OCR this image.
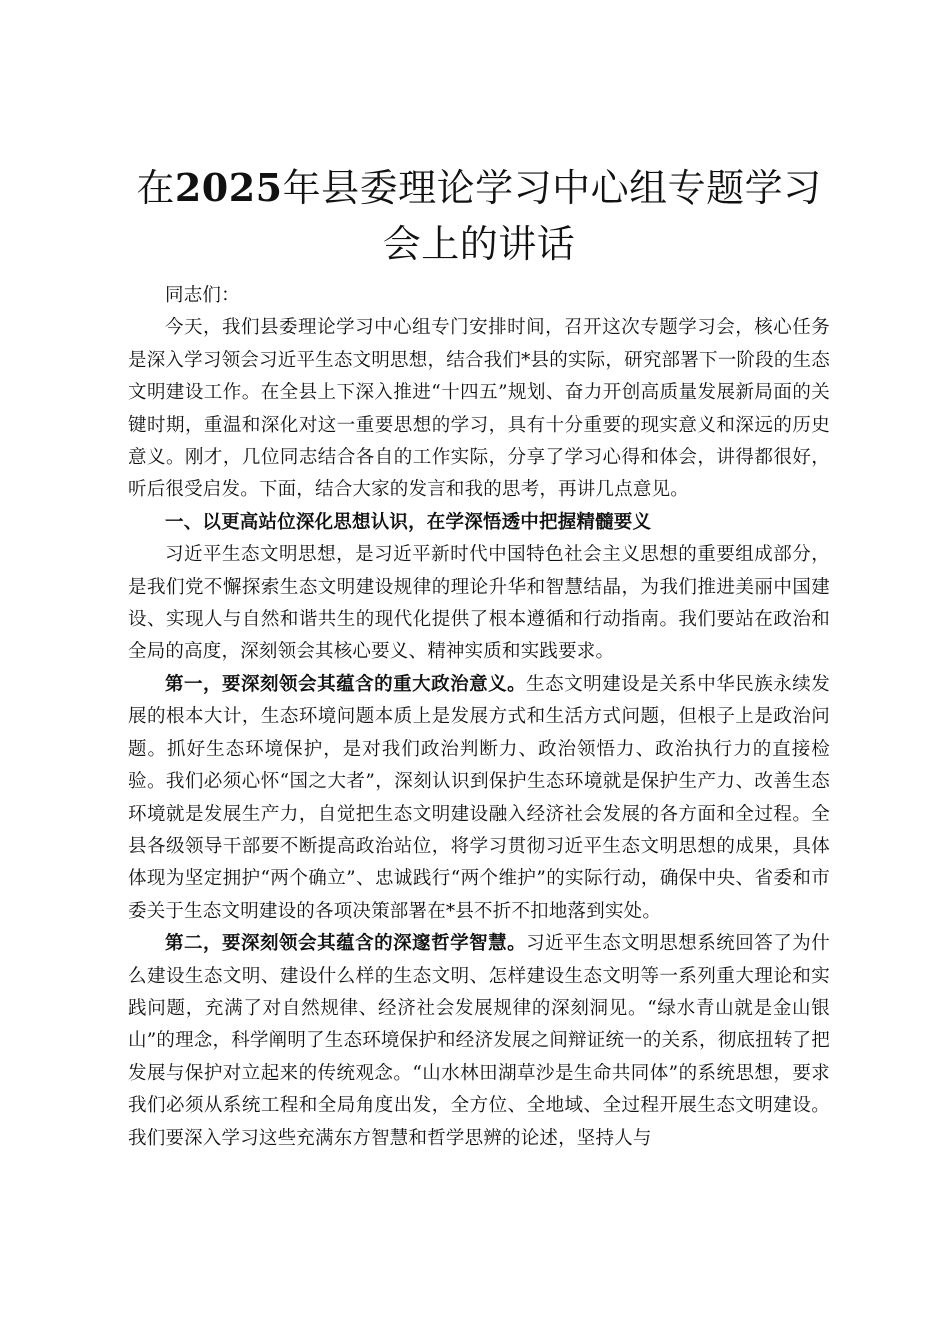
在2025年县委理论学习中心组专题学习会上的讲话

同志们：

今天，我们县委理论学习中心组专门安排时间，召开这次专题学习会，核心任务是深入学习领会习近平生态文明思想，结合我们*县的实际，研究部署下一阶段的生态文明建设工作。在全县上下深入推进“十四五”规划、奋力开创高质量发展新局面的关键时期，重温和深化对这一重要思想的学习，具有十分重要的现实意义和深远的历史意义。刚才，几位同志结合各自的工作实际，分享了学习心得和体会，讲得都很好，听后很受启发。下面，结合大家的发言和我的思考，再讲几点意见。

一、以更高站位深化思想认识，在学深悟透中把握精髓要义

习近平生态文明思想，是习近平新时代中国特色社会主义思想的重要组成部分，是我们党不懈探索生态文明建设规律的理论升华和智慧结晶，为我们推进美丽中国建设、实现人与自然和谐共生的现代化提供了根本遵循和行动指南。我们要站在政治和全局的高度，深刻领会其核心要义、精神实质和实践要求。

第一，要深刻领会其蕴含的重大政治意义。生态文明建设是关系中华民族永续发展的根本大计，生态环境问题本质上是发展方式和生活方式问题，但根子上是政治问题。抓好生态环境保护，是对我们政治判断力、政治领悟力、政治执行力的直接检验。我们必须心怀“国之大者”，深刻认识到保护生态环境就是保护生产力、改善生态环境就是发展生产力，自觉把生态文明建设融入经济社会发展的各方面和全过程。全县各级领导干部要不断提高政治站位，将学习贯彻习近平生态文明思想的成果，具体体现为坚定拥护“两个确立”、忠诚践行“两个维护”的实际行动，确保中央、省委和市委关于生态文明建设的各项决策部署在*县不折不扣地落到实处。

第二，要深刻领会其蕴含的深邃哲学智慧。习近平生态文明思想系统回答了为什么建设生态文明、建设什么样的生态文明、怎样建设生态文明等一系列重大理论和实践问题，充满了对自然规律、经济社会发展规律的深刻洞见。“绿水青山就是金山银山”的理念，科学阐明了生态环境保护和经济发展之间辩证统一的关系，彻底扭转了把发展与保护对立起来的传统观念。“山水林田湖草沙是生命共同体”的系统思想，要求我们必须从系统工程和全局角度出发，全方位、全地域、全过程开展生态文明建设。我们要深入学习这些充满东方智慧和哲学思辨的论述，坚持人与
